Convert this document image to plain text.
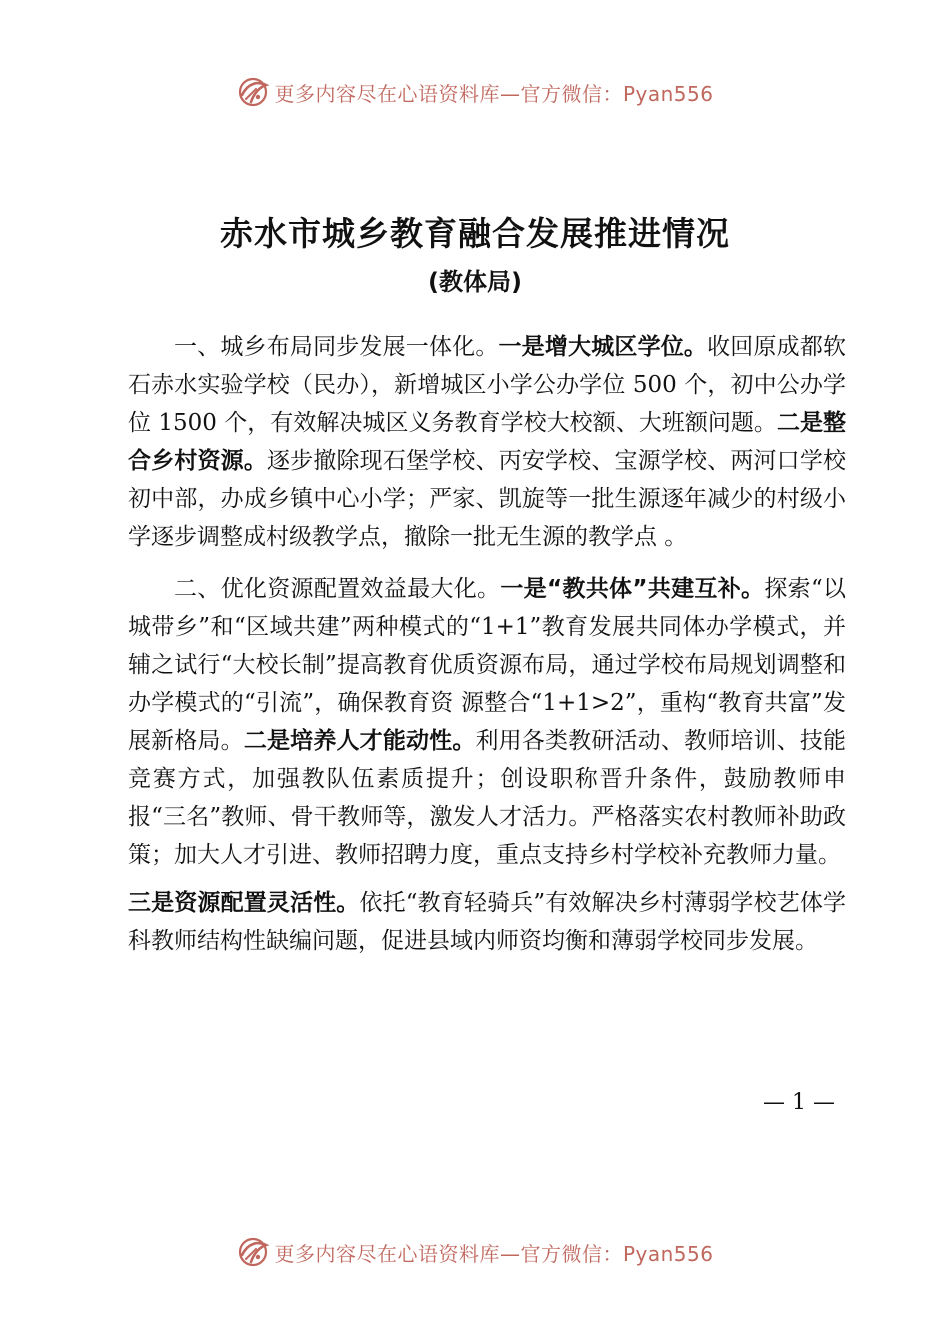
更多内容尽在心语资料库—官方微信：Pyan556
赤水市城乡教育融合发展推进情况
(教体局)

一、城乡布局同步发展一体化。一是增大城区学位。收回原成都软石赤水实验学校（民办），新增城区小学公办学位 500 个，初中公办学位 1500 个，有效解决城区义务教育学校大校额、大班额问题。二是整合乡村资源。逐步撤除现石堡学校、丙安学校、宝源学校、两河口学校初中部，办成乡镇中心小学；严家、凯旋等一批生源逐年减少的村级小学逐步调整成村级教学点，撤除一批无生源的教学点 。

二、优化资源配置效益最大化。一是“教共体”共建互补。探索“以城带乡”和“区域共建”两种模式的“1+1”教育发展共同体办学模式，并辅之试行“大校长制”提高教育优质资源布局，通过学校布局规划调整和办学模式的“引流”，确保教育资 源整合“1+1>2”，重构“教育共富”发展新格局。二是培养人才能动性。利用各类教研活动、教师培训、技能竞赛方式，加强教队伍素质提升；创设职称晋升条件，鼓励教师申报“三名”教师、骨干教师等，激发人才活力。严格落实农村教师补助政策；加大人才引进、教师招聘力度，重点支持乡村学校补充教师力量。

三是资源配置灵活性。依托“教育轻骑兵”有效解决乡村薄弱学校艺体学科教师结构性缺编问题，促进县域内师资均衡和薄弱学校同步发展。

— 1 —
更多内容尽在心语资料库—官方微信：Pyan556
